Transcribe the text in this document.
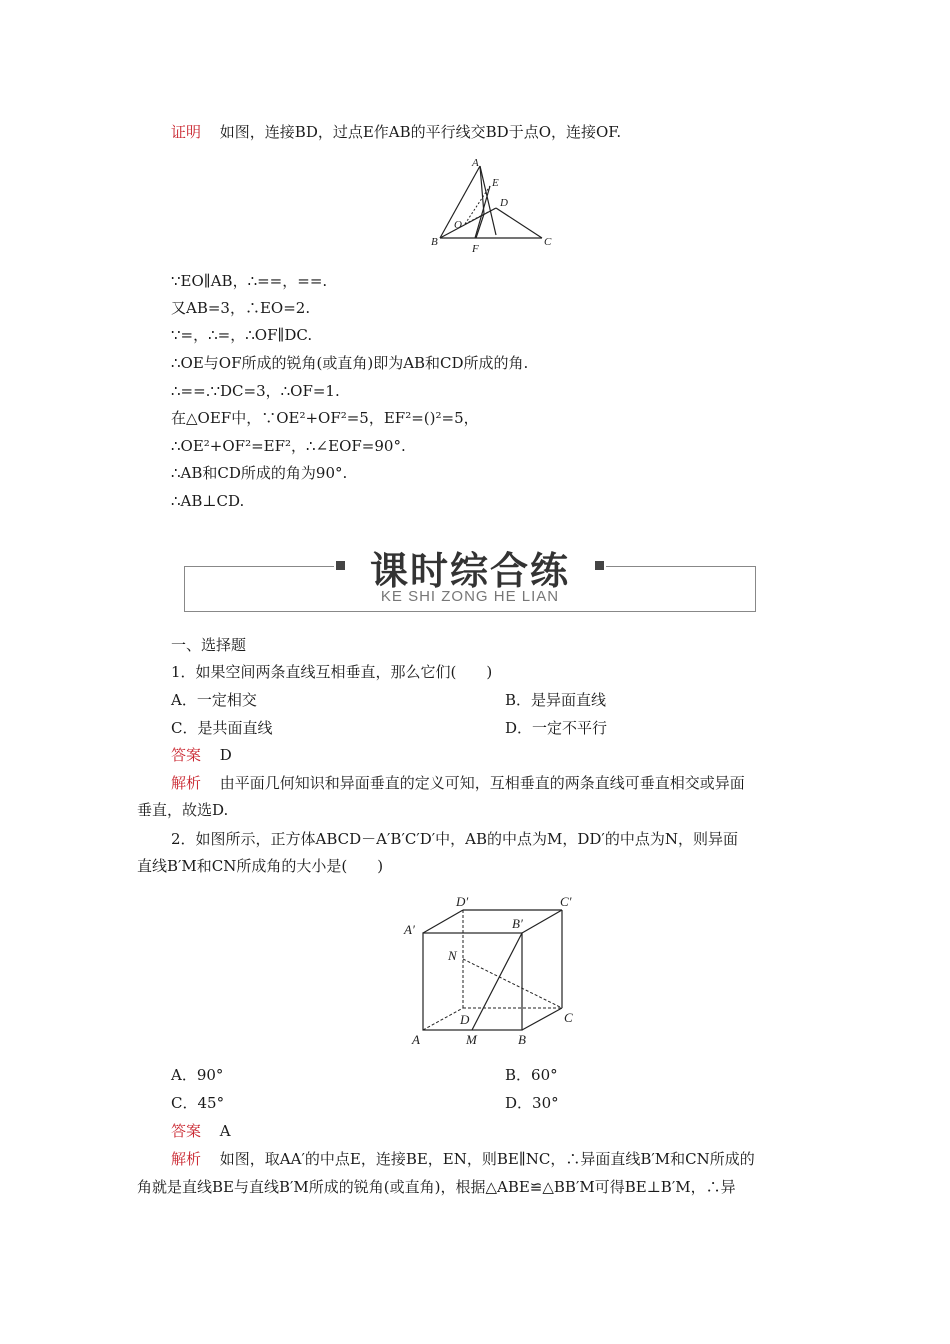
证明 如图，连接BD，过点E作AB的平行线交BD于点O，连接OF.
A
E
D
O
B
F
C
∵EO∥AB，∴==，==.
又AB=3，∴EO=2.
∵=，∴=，∴OF∥DC.
∴OE与OF所成的锐角(或直角)即为AB和CD所成的角.
∴==.∵DC=3，∴OF=1.
在△OEF中，∵OE²+OF²=5，EF²=()²=5，
∴OE²+OF²=EF²，∴∠EOF=90°.
∴AB和CD所成的角为90°.
∴AB⊥CD.
课时综合练
KE SHI ZONG HE LIAN
一、选择题
1．如果空间两条直线互相垂直，那么它们(　　)
A．一定相交	B．是异面直线
C．是共面直线	D．一定不平行
答案 D
解析 由平面几何知识和异面垂直的定义可知，互相垂直的两条直线可垂直相交或异面
垂直，故选D.
2．如图所示，正方体ABCD－A′B′C′D′中，AB的中点为M，DD′的中点为N，则异面
直线B′M和CN所成角的大小是(　　)
D′	C′
A′	B′
N
D	C
A	M	B
A．90°	B．60°
C．45°	D．30°
答案 A
解析 如图，取AA′的中点E，连接BE，EN，则BE∥NC，∴异面直线B′M和CN所成的
角就是直线BE与直线B′M所成的锐角(或直角)，根据△ABE≌△BB′M可得BE⊥B′M，∴异
